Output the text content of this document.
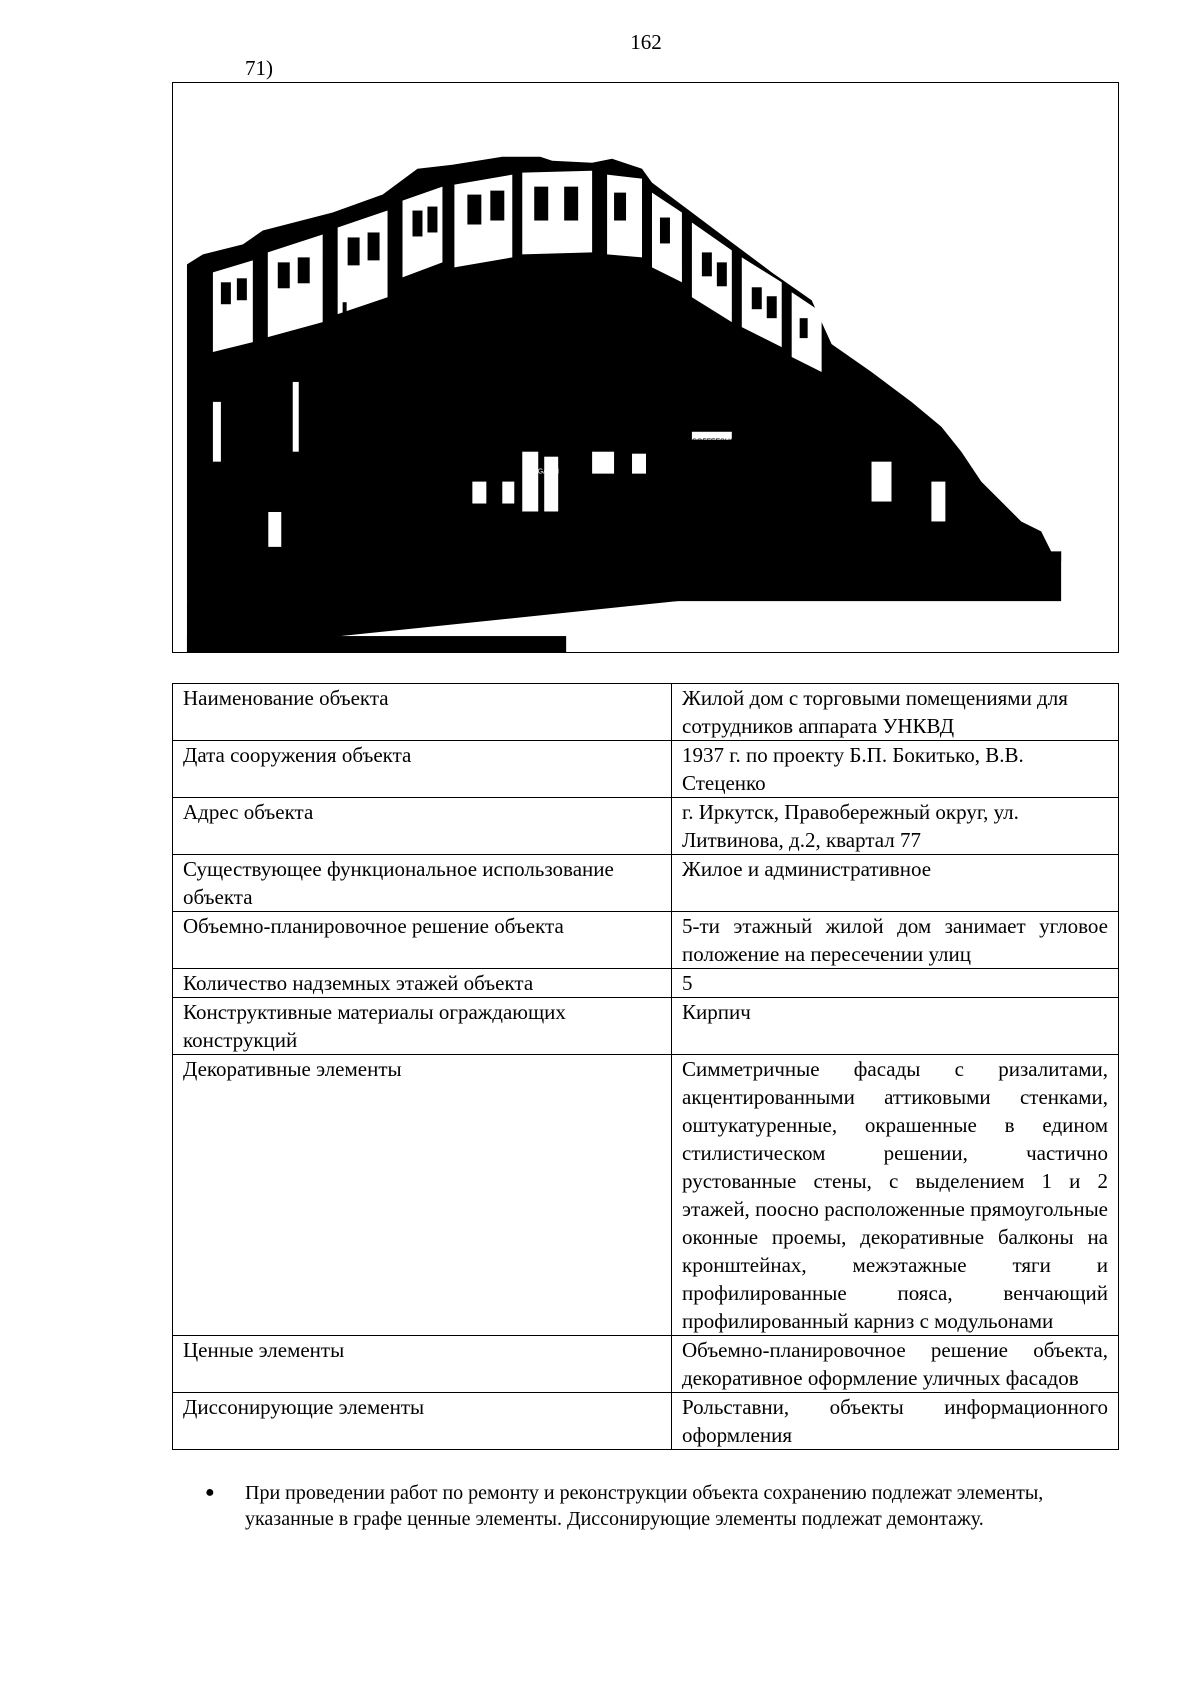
162
71)
COFFEESHOP COMPANY
MAGAZIN
Наименование объекта	Жилой дом с торговыми помещениями для сотрудников аппарата УНКВД
Дата сооружения объекта	1937 г. по проекту Б.П. Бокитько, В.В. Стеценко
Адрес объекта	г. Иркутск, Правобережный округ, ул. Литвинова, д.2, квартал 77
Существующее функциональное использование объекта	Жилое и административное
Объемно-планировочное решение объекта	5-ти этажный жилой дом занимает угловое положение на пересечении улиц
Количество надземных этажей объекта	5
Конструктивные материалы ограждающих конструкций	Кирпич
Декоративные элементы	Симметричные фасады с ризалитами, акцентированными аттиковыми стенками, оштукатуренные, окрашенные в едином стилистическом решении, частично рустованные стены, с выделением 1 и 2 этажей, поосно расположенные прямоугольные оконные проемы, декоративные балконы на кронштейнах, межэтажные тяги и профилированные пояса, венчающий профилированный карниз с модульонами
Ценные элементы	Объемно-планировочное решение объекта, декоративное оформление уличных фасадов
Диссонирующие элементы	Рольставни, объекты информационного оформления
● При проведении работ по ремонту и реконструкции объекта сохранению подлежат элементы, указанные в графе ценные элементы. Диссонирующие элементы подлежат демонтажу.
